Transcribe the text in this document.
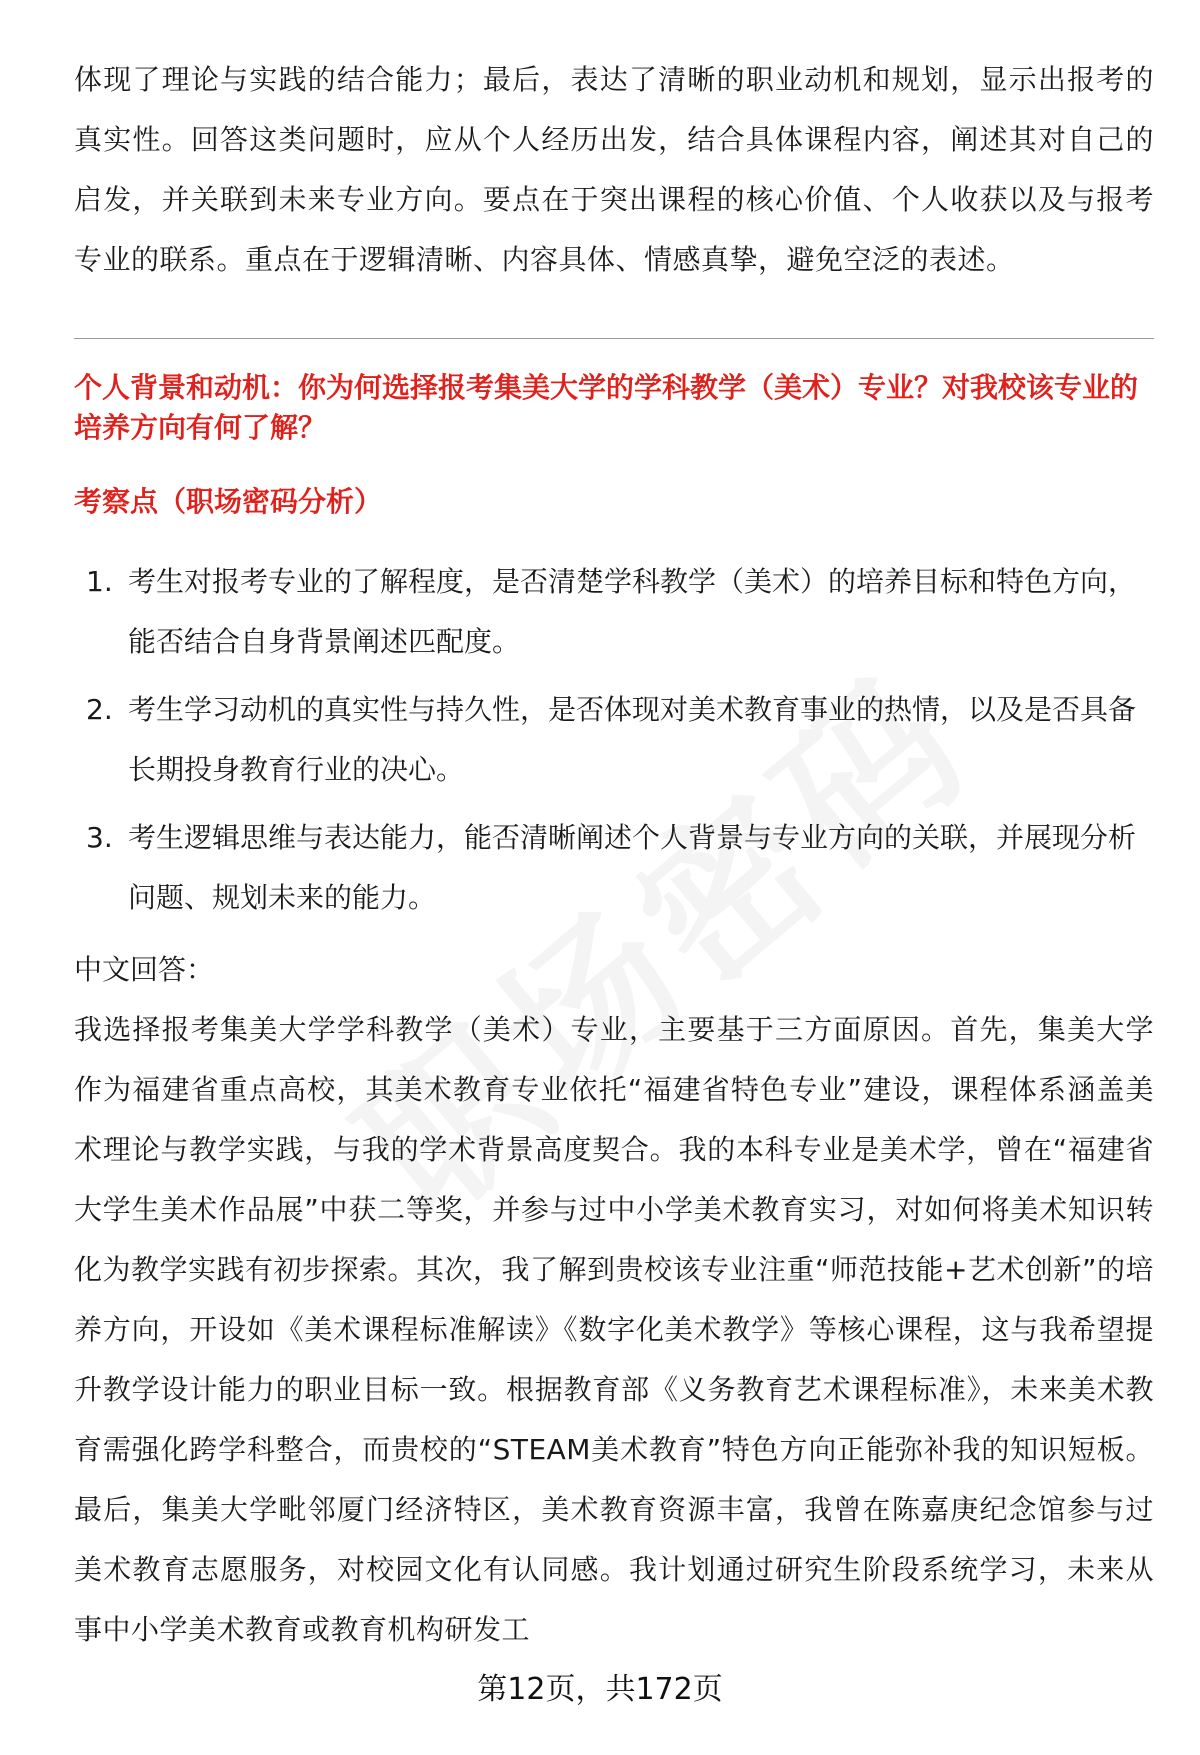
体现了理论与实践的结合能力；最后，表达了清晰的职业动机和规划，显示出报考的真实性。回答这类问题时，应从个人经历出发，结合具体课程内容，阐述其对自己的启发，并关联到未来专业方向。要点在于突出课程的核心价值、个人收获以及与报考专业的联系。重点在于逻辑清晰、内容具体、情感真挚，避免空泛的表述。

个人背景和动机：你为何选择报考集美大学的学科教学（美术）专业？对我校该专业的培养方向有何了解？

考察点（职场密码分析）

1. 考生对报考专业的了解程度，是否清楚学科教学（美术）的培养目标和特色方向，能否结合自身背景阐述匹配度。
2. 考生学习动机的真实性与持久性，是否体现对美术教育事业的热情，以及是否具备长期投身教育行业的决心。
3. 考生逻辑思维与表达能力，能否清晰阐述个人背景与专业方向的关联，并展现分析问题、规划未来的能力。

中文回答：

我选择报考集美大学学科教学（美术）专业，主要基于三方面原因。首先，集美大学作为福建省重点高校，其美术教育专业依托“福建省特色专业”建设，课程体系涵盖美术理论与教学实践，与我的学术背景高度契合。我的本科专业是美术学，曾在“福建省大学生美术作品展”中获二等奖，并参与过中小学美术教育实习，对如何将美术知识转化为教学实践有初步探索。其次，我了解到贵校该专业注重“师范技能+艺术创新”的培养方向，开设如《美术课程标准解读》《数字化美术教学》等核心课程，这与我希望提升教学设计能力的职业目标一致。根据教育部《义务教育艺术课程标准》，未来美术教育需强化跨学科整合，而贵校的“STEAM美术教育”特色方向正能弥补我的知识短板。最后，集美大学毗邻厦门经济特区，美术教育资源丰富，我曾在陈嘉庚纪念馆参与过美术教育志愿服务，对校园文化有认同感。我计划通过研究生阶段系统学习，未来从事中小学美术教育或教育机构研发工

第12页，共172页
